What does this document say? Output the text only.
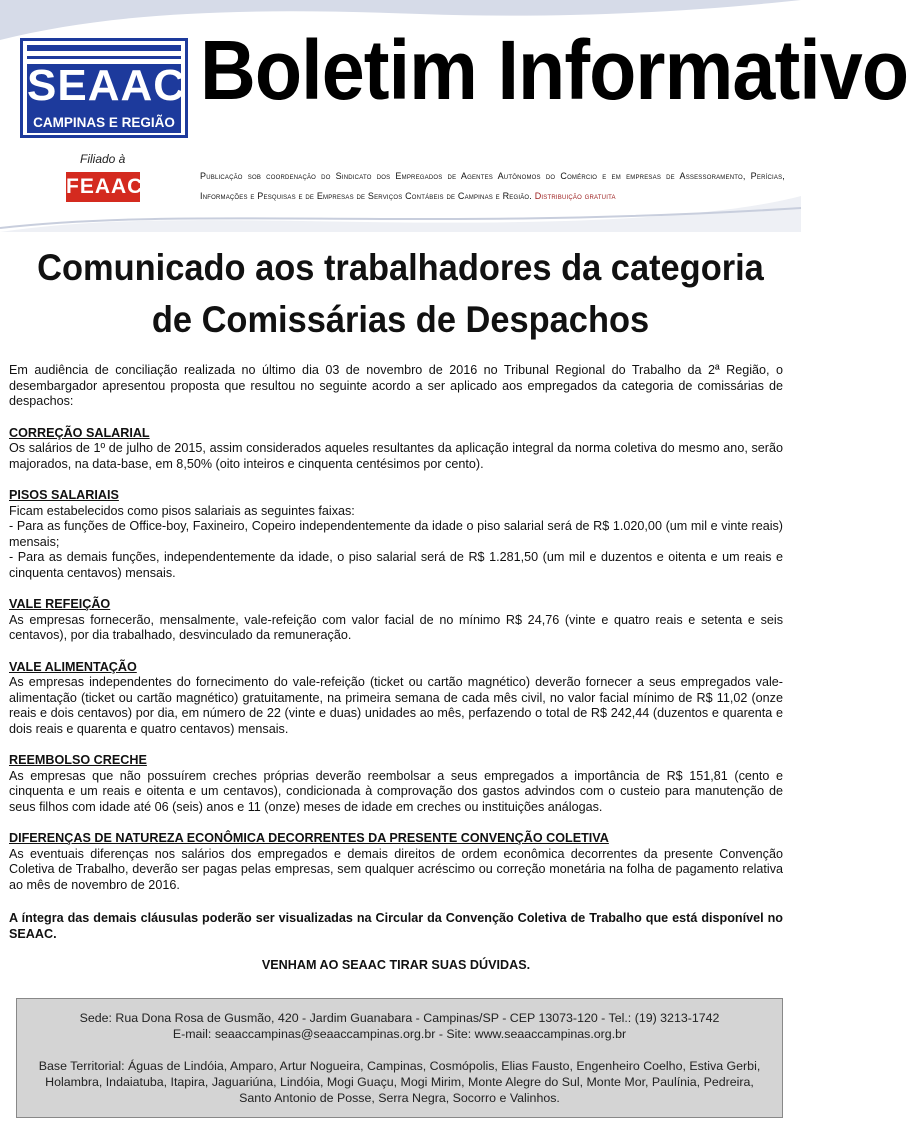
SEAAC
CAMPINAS E REGIÃO
Filiado à
FEAAC
Boletim Informativo
Publicação sob coordenação do Sindicato dos Empregados de Agentes Autônomos do Comércio e em empresas de Assessoramento, Perícias, Informações e Pesquisas e de Empresas de Serviços Contábeis de Campinas e Região. Distribuição gratuita
Comunicado aos trabalhadores da categoria
de Comissárias de Despachos

Em audiência de conciliação realizada no último dia 03 de novembro de 2016 no Tribunal Regional do Trabalho da 2ª Região, o desembargador apresentou proposta que resultou no seguinte acordo a ser aplicado aos empregados da categoria de comissárias de despachos:

CORREÇÃO SALARIAL

Os salários de 1º de julho de 2015, assim considerados aqueles resultantes da aplicação integral da norma coletiva do mesmo ano, serão majorados, na data-base, em 8,50% (oito inteiros e cinquenta centésimos por cento).

PISOS SALARIAIS

Ficam estabelecidos como pisos salariais as seguintes faixas:

- Para as funções de Office-boy, Faxineiro, Copeiro independentemente da idade o piso salarial será de R$ 1.020,00 (um mil e vinte reais) mensais;

- Para as demais funções, independentemente da idade, o piso salarial será de R$ 1.281,50 (um mil e duzentos e oitenta e um reais e cinquenta centavos) mensais.

VALE REFEIÇÃO

As empresas fornecerão, mensalmente, vale-refeição com valor facial de no mínimo R$ 24,76 (vinte e quatro reais e setenta e seis centavos), por dia trabalhado, desvinculado da remuneração.

VALE ALIMENTAÇÃO

As empresas independentes do fornecimento do vale-refeição (ticket ou cartão magnético) deverão fornecer a seus empregados vale-alimentação (ticket ou cartão magnético) gratuitamente, na primeira semana de cada mês civil, no valor facial mínimo de R$ 11,02 (onze reais e dois centavos) por dia, em número de 22 (vinte e duas) unidades ao mês, perfazendo o total de R$ 242,44 (duzentos e quarenta e dois reais e quarenta e quatro centavos) mensais.

REEMBOLSO CRECHE

As empresas que não possuírem creches próprias deverão reembolsar a seus empregados a importância de R$ 151,81 (cento e cinquenta e um reais e oitenta e um centavos), condicionada à comprovação dos gastos advindos com o custeio para manutenção de seus filhos com idade até 06 (seis) anos e 11 (onze) meses de idade em creches ou instituições análogas.

DIFERENÇAS DE NATUREZA ECONÔMICA DECORRENTES DA PRESENTE CONVENÇÃO COLETIVA

As eventuais diferenças nos salários dos empregados e demais direitos de ordem econômica decorrentes da presente Convenção Coletiva de Trabalho, deverão ser pagas pelas empresas, sem qualquer acréscimo ou correção monetária na folha de pagamento relativa ao mês de novembro de 2016.

A íntegra das demais cláusulas poderão ser visualizadas na Circular da Convenção Coletiva de Trabalho que está disponível no SEAAC.

VENHAM AO SEAAC TIRAR SUAS DÚVIDAS.

Sede: Rua Dona Rosa de Gusmão, 420 - Jardim Guanabara - Campinas/SP - CEP 13073-120 - Tel.: (19) 3213-1742

E-mail: seaaccampinas@seaaccampinas.org.br - Site: www.seaaccampinas.org.br

Base Territorial: Águas de Lindóia, Amparo, Artur Nogueira, Campinas, Cosmópolis, Elias Fausto, Engenheiro Coelho, Estiva Gerbi, Holambra, Indaiatuba, Itapira, Jaguariúna, Lindóia, Mogi Guaçu, Mogi Mirim, Monte Alegre do Sul, Monte Mor, Paulínia, Pedreira, Santo Antonio de Posse, Serra Negra, Socorro e Valinhos.
